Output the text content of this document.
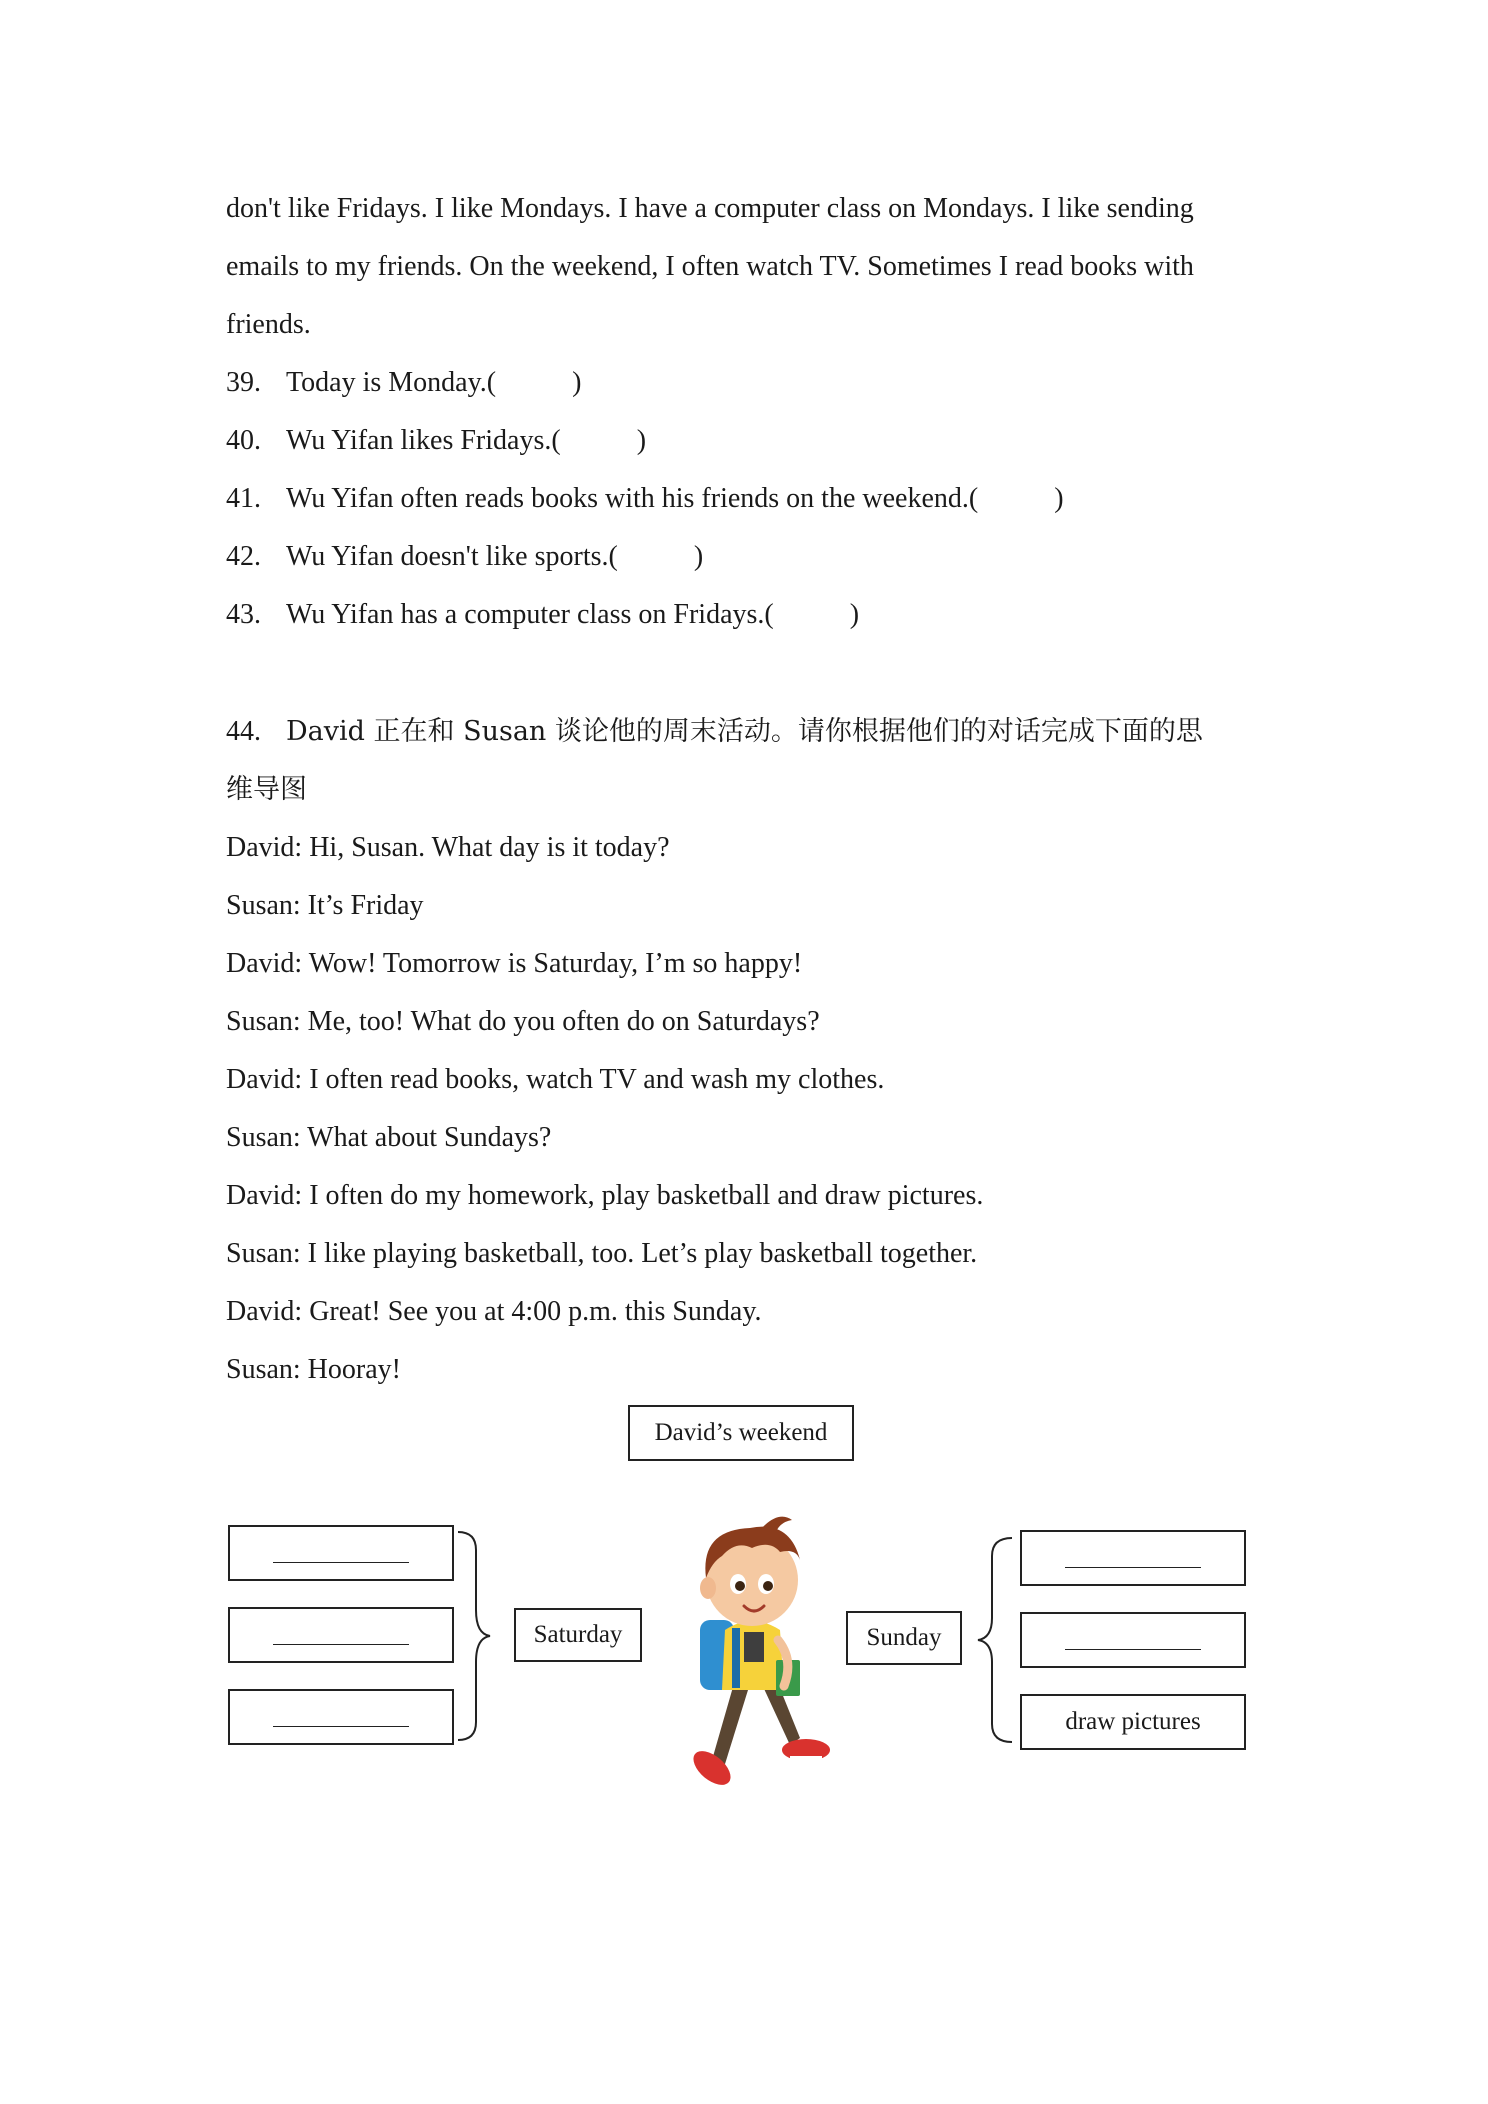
don't like Fridays. I like Mondays. I have a computer class on Mondays. I like sending
emails to my friends. On the weekend, I often watch TV. Sometimes I read books with
friends.
39. Today is Monday.(	)
40. Wu Yifan likes Fridays.(	)
41. Wu Yifan often reads books with his friends on the weekend.(	)
42. Wu Yifan doesn't like sports.(	)
43. Wu Yifan has a computer class on Fridays.(	)
44. David 正在和 Susan 谈论他的周末活动。请你根据他们的对话完成下面的思
维导图
David: Hi, Susan. What day is it today?
Susan: It’s Friday
David: Wow! Tomorrow is Saturday, I’m so happy!
Susan: Me, too! What do you often do on Saturdays?
David: I often read books, watch TV and wash my clothes.
Susan: What about Sundays?
David: I often do my homework, play basketball and draw pictures.
Susan: I like playing basketball, too. Let’s play basketball together.
David: Great! See you at 4:00 p.m. this Sunday.
Susan: Hooray!
David’s weekend
Saturday	Sunday
draw pictures
